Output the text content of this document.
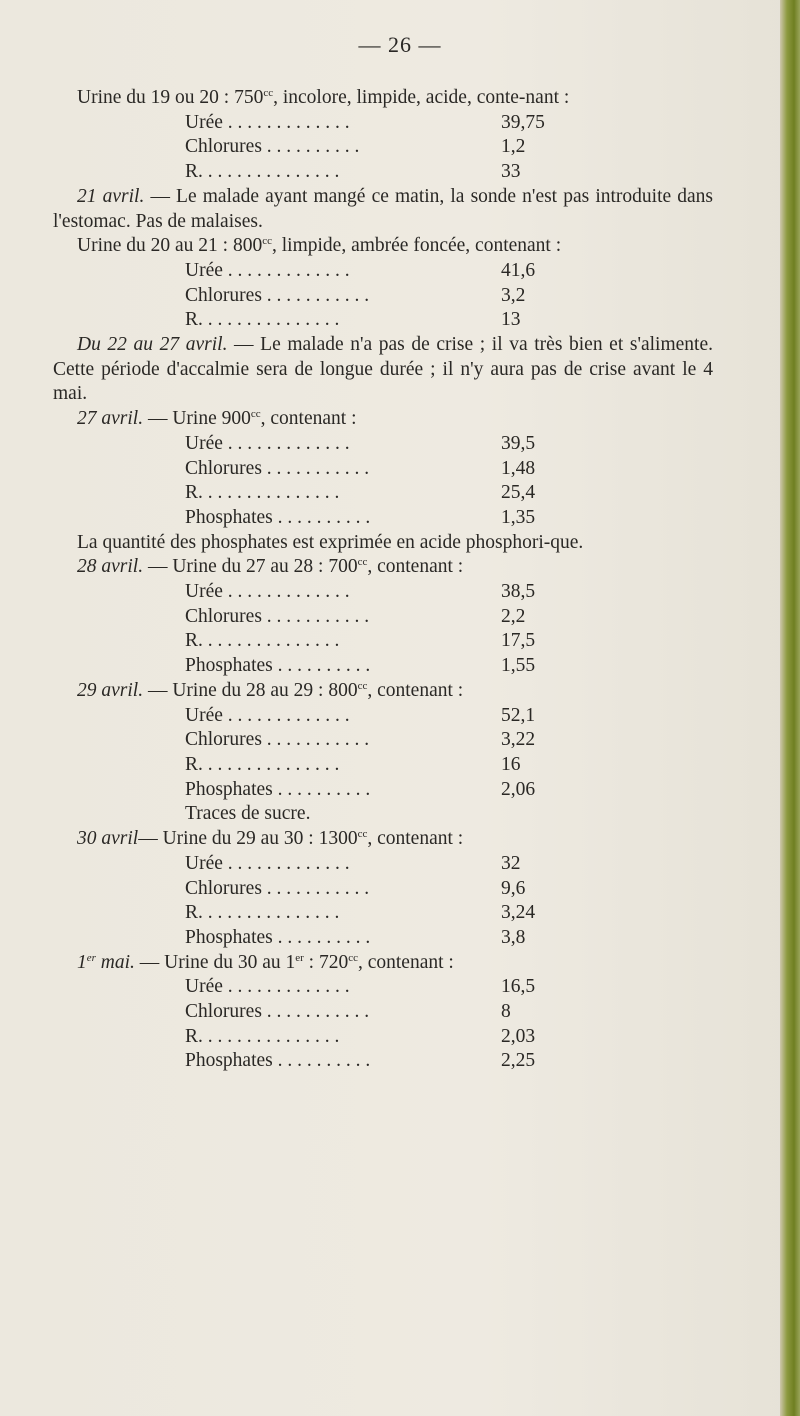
— 26 —

Urine du 19 ou 20 : $750^{cc}$, incolore, limpide, acide, conte-nant :

Urée . . . . . . . . . . . . .	39,75
Chlorures . . . . . . . . . .	1,2
R. . . . . . . . . . . . . . .	33

21 avril. — Le malade ayant mangé ce matin, la sonde n'est pas introduite dans l'estomac. Pas de malaises.

Urine du 20 au 21 : $800^{cc}$, limpide, ambrée foncée, contenant :

Urée . . . . . . . . . . . . .	41,6
Chlorures . . . . . . . . . . .	3,2
R. . . . . . . . . . . . . . .	13

Du 22 au 27 avril. — Le malade n'a pas de crise ; il va très bien et s'alimente. Cette période d'accalmie sera de longue durée ; il n'y aura pas de crise avant le 4 mai.

27 avril. — Urine $900^{cc}$, contenant :

Urée . . . . . . . . . . . . .	39,5
Chlorures . . . . . . . . . . .	1,48
R. . . . . . . . . . . . . . .	25,4
Phosphates . . . . . . . . . .	1,35

La quantité des phosphates est exprimée en acide phosphori-que.

28 avril. — Urine du 27 au 28 : $700^{cc}$, contenant :

Urée . . . . . . . . . . . . .	38,5
Chlorures . . . . . . . . . . .	2,2
R. . . . . . . . . . . . . . .	17,5
Phosphates . . . . . . . . . .	1,55

29 avril. — Urine du 28 au 29 : $800^{cc}$, contenant :

Urée . . . . . . . . . . . . .	52,1
Chlorures . . . . . . . . . . .	3,22
R. . . . . . . . . . . . . . .	16
Phosphates . . . . . . . . . .	2,06
Traces de sucre.

30 avril— Urine du 29 au 30 : $1300^{cc}$, contenant :

Urée . . . . . . . . . . . . .	32
Chlorures . . . . . . . . . . .	9,6
R. . . . . . . . . . . . . . .	3,24
Phosphates . . . . . . . . . .	3,8

1er mai. — Urine du 30 au 1er : $720^{cc}$, contenant :

Urée . . . . . . . . . . . . .	16,5
Chlorures . . . . . . . . . . .	8
R. . . . . . . . . . . . . . .	2,03
Phosphates . . . . . . . . . .	2,25
